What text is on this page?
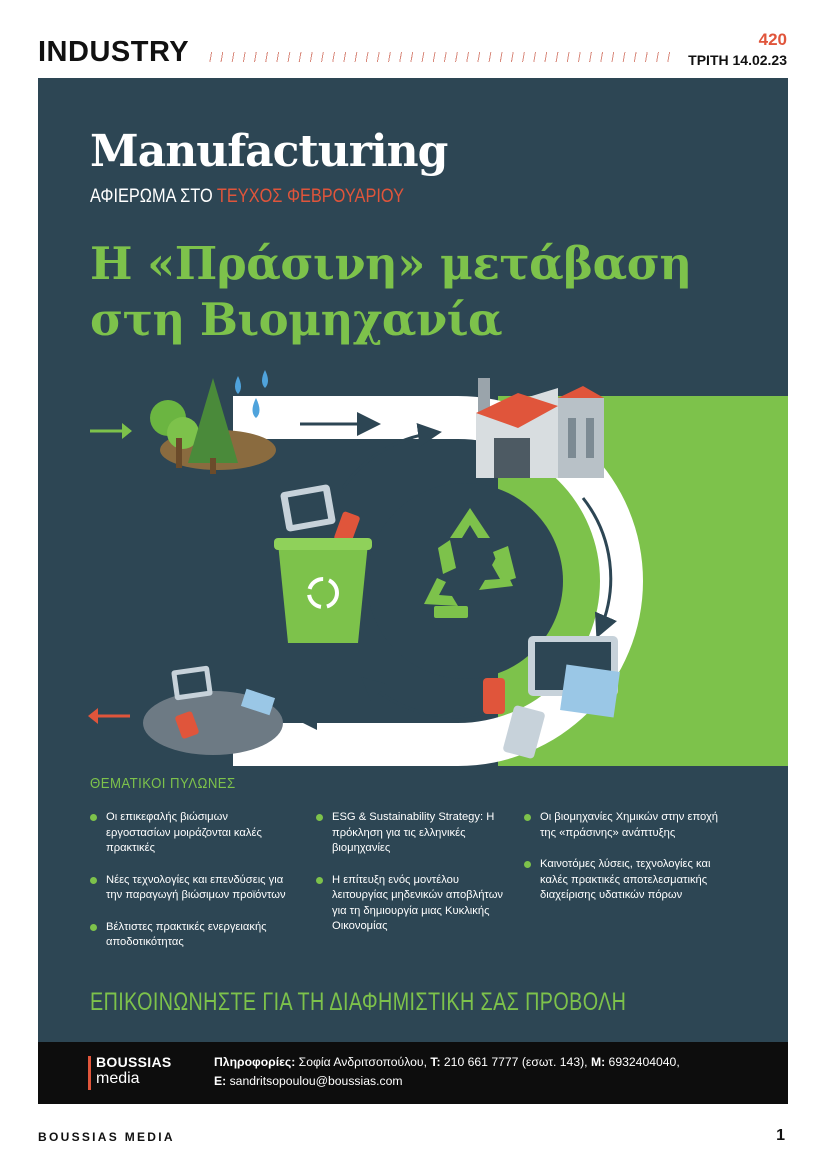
INDUSTRY	420
ΤΡΙΤΗ 14.02.23
Manufacturing
ΑΦΙΕΡΩΜΑ ΣΤΟ ΤΕΥΧΟΣ ΦΕΒΡΟΥΑΡΙΟΥ
Η «Πράσινη» μετάβαση
στη Βιομηχανία
ΘΕΜΑΤΙΚΟΙ ΠΥΛΩΝΕΣ
Οι επικεφαλής βιώσιμων εργοστασίων μοιράζονται καλές πρακτικές
Νέες τεχνολογίες και επενδύσεις για την παραγωγή βιώσιμων προϊόντων
Βέλτιστες πρακτικές ενεργειακής αποδοτικότητας
ESG & Sustainability Strategy: Η πρόκληση για τις ελληνικές βιομηχανίες
Η επίτευξη ενός μοντέλου λειτουργίας μηδενικών αποβλήτων για τη δημιουργία μιας Κυκλικής Οικονομίας
Οι βιομηχανίες Χημικών στην εποχή της «πράσινης» ανάπτυξης
Καινοτόμες λύσεις, τεχνολογίες και καλές πρακτικές αποτελεσματικής διαχείρισης υδατικών πόρων
ΕΠΙΚΟΙΝΩΝΗΣΤΕ ΓΙΑ ΤΗ ΔΙΑΦΗΜΙΣΤΙΚΗ ΣΑΣ ΠΡΟΒΟΛΗ
BOUSSIAS
media
Πληροφορίες: Σοφία Ανδριτσοπούλου, T: 210 661 7777 (εσωτ. 143), M: 6932404040,
E: sandritsopoulou@boussias.com
BOUSSIAS MEDIA	1
